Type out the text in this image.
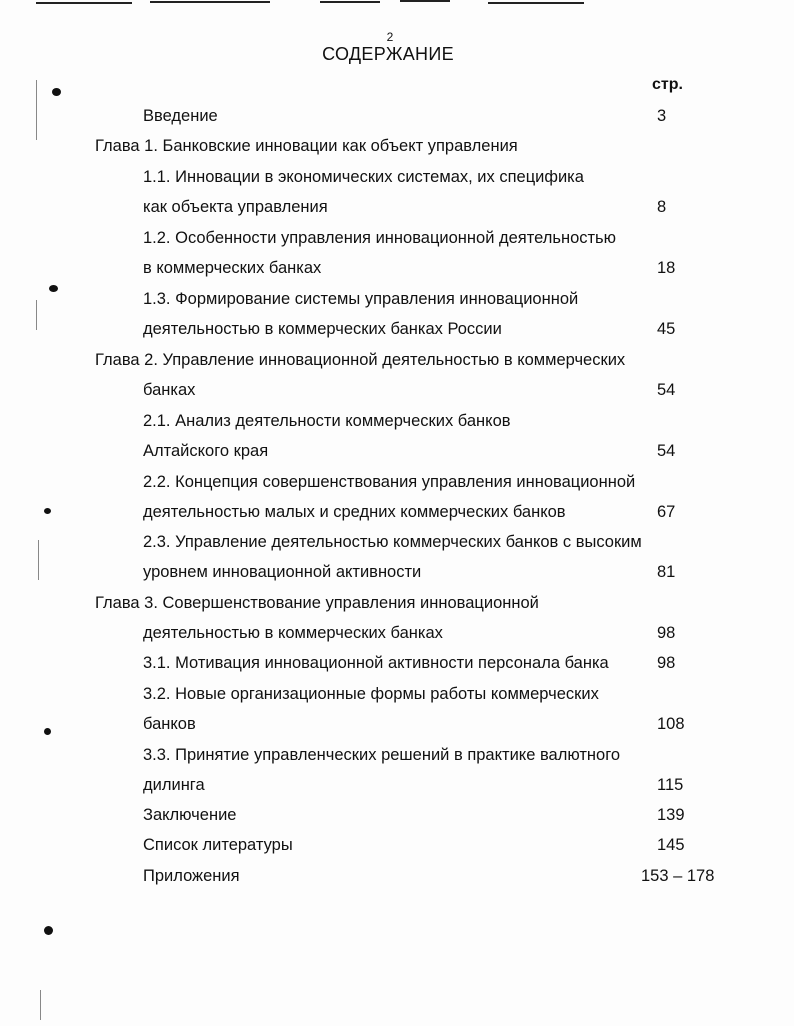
2
СОДЕРЖАНИЕ
стр.
Введение
Глава 1. Банковские инновации как объект управления
1.1. Инновации в экономических системах, их специфика
как объекта управления
1.2. Особенности управления инновационной деятельностью
в коммерческих банках
1.3. Формирование системы управления инновационной
деятельностью в коммерческих банках России
Глава 2. Управление инновационной деятельностью в коммерческих
банках
2.1. Анализ деятельности коммерческих банков
Алтайского края
2.2. Концепция совершенствования управления инновационной
деятельностью малых и средних коммерческих банков
2.3. Управление деятельностью коммерческих банков с высоким
уровнем инновационной активности
Глава 3. Совершенствование управления инновационной
деятельностью в коммерческих банках
3.1. Мотивация инновационной активности персонала банка
3.2. Новые организационные формы работы коммерческих
банков
3.3. Принятие управленческих решений в практике валютного
дилинга
Заключение
Список литературы
Приложения
3
8
18
45
54
54
67
81
98
98
108
115
139
145
153 – 178
